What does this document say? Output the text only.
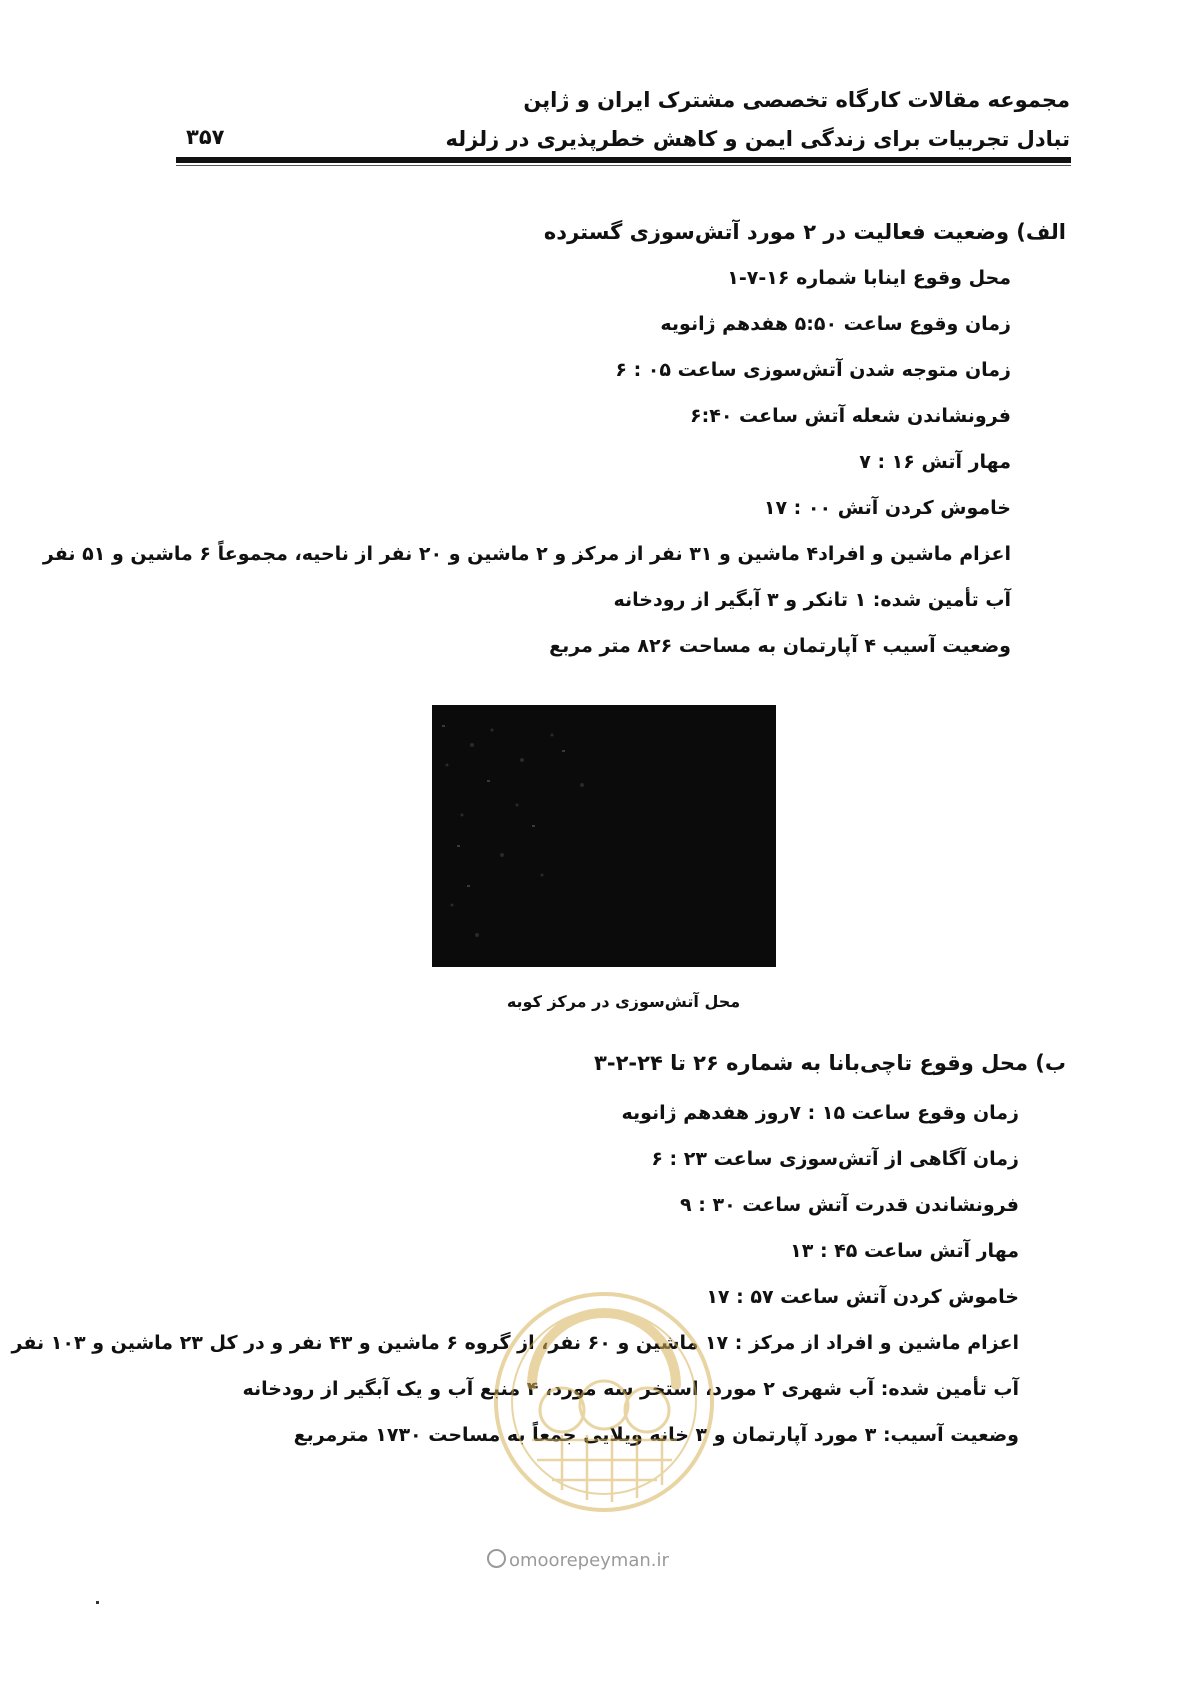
مجموعه مقالات کارگاه تخصصی مشترک ایران و ژاپن
تبادل تجربیات برای زندگی ایمن و کاهش خطرپذیری در زلزله
۳۵۷
الف) وضعیت فعالیت در ۲ مورد آتش‌سوزی گسترده
محل وقوع اینابا شماره ۱۶-۷-۱
زمان وقوع ساعت ۵:۵۰ هفدهم ژانویه
زمان متوجه شدن آتش‌سوزی ساعت ۰۵ : ۶
فرونشاندن شعله آتش ساعت ۶:۴۰
مهار آتش ۱۶ : ۷
خاموش کردن آتش ۰۰ : ۱۷
اعزام ماشین و افراد۴ ماشین و ۳۱ نفر از مرکز و ۲ ماشین و ۲۰ نفر از ناحیه، مجموعاً ۶ ماشین و ۵۱ نفر
آب تأمین شده: ۱ تانکر و ۳ آبگیر از رودخانه
وضعیت آسیب ۴ آپارتمان به مساحت ۸۲۶ متر مربع
محل آتش‌سوزی در مرکز کوبه
ب) محل وقوع تاچی‌بانا به شماره ۲۶ تا ۲۴-۲-۳
زمان وقوع ساعت ۱۵ : ۷روز هفدهم ژانویه
زمان آگاهی از آتش‌سوزی ساعت ۲۳ : ۶
فرونشاندن قدرت آتش ساعت ۳۰ : ۹
مهار آتش ساعت ۴۵ : ۱۳
خاموش کردن آتش ساعت ۵۷ : ۱۷
اعزام ماشین و افراد از مرکز : ۱۷ ماشین و ۶۰ نفر، از گروه ۶ ماشین و ۴۳ نفر و در کل ۲۳ ماشین و ۱۰۳ نفر
آب تأمین شده: آب شهری ۲ مورد، استخر سه مورد، ۴ منبع آب و یک آبگیر از رودخانه
وضعیت آسیب: ۳ مورد آپارتمان و ۳ خانه ویلایی جمعاً به مساحت ۱۷۳۰ مترمربع
omoorepeyman.ir
